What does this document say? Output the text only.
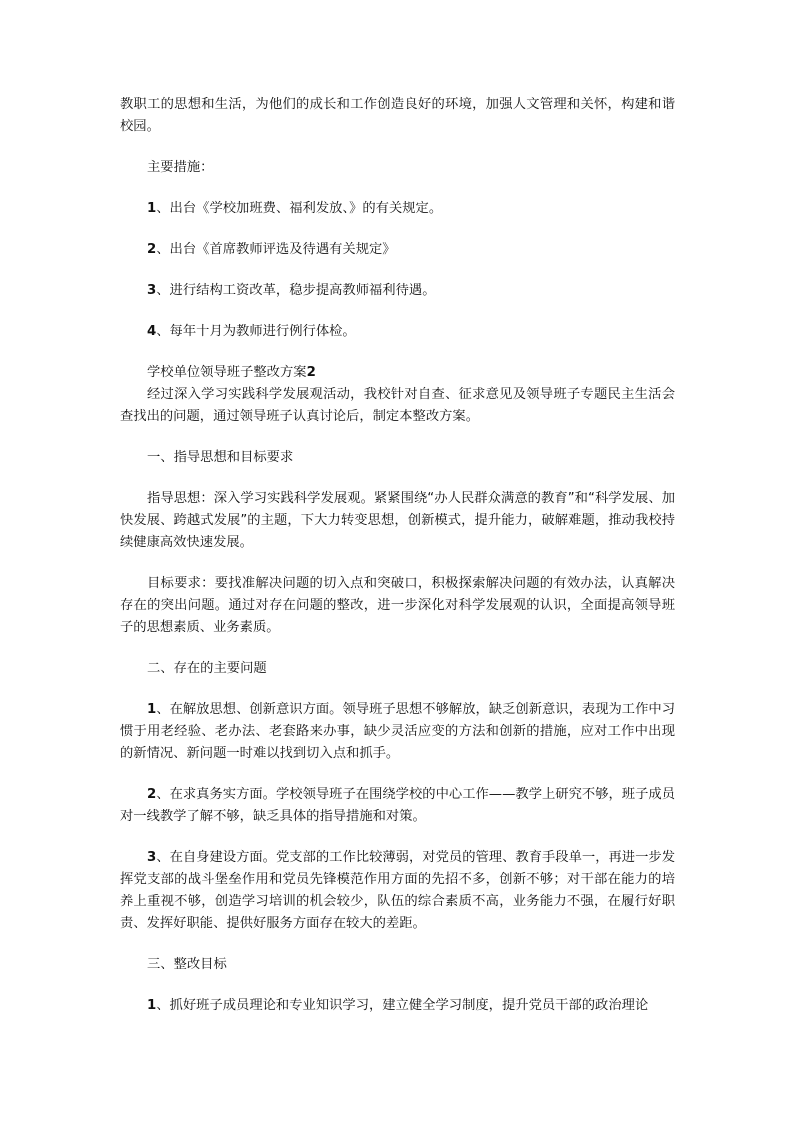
教职工的思想和生活，为他们的成长和工作创造良好的环境，加强人文管理和关怀，构建和谐校园。

主要措施：

1、出台《学校加班费、福利发放、》的有关规定。

2、出台《首席教师评选及待遇有关规定》

3、进行结构工资改革，稳步提高教师福利待遇。

4、每年十月为教师进行例行体检。

学校单位领导班子整改方案2

经过深入学习实践科学发展观活动，我校针对自查、征求意见及领导班子专题民主生活会查找出的问题，通过领导班子认真讨论后，制定本整改方案。

一、指导思想和目标要求

指导思想：深入学习实践科学发展观。紧紧围绕“办人民群众满意的教育”和“科学发展、加快发展、跨越式发展”的主题，下大力转变思想，创新模式，提升能力，破解难题，推动我校持续健康高效快速发展。

目标要求：要找准解决问题的切入点和突破口，积极探索解决问题的有效办法，认真解决存在的突出问题。通过对存在问题的整改，进一步深化对科学发展观的认识，全面提高领导班子的思想素质、业务素质。

二、存在的主要问题

1、在解放思想、创新意识方面。领导班子思想不够解放，缺乏创新意识，表现为工作中习惯于用老经验、老办法、老套路来办事，缺少灵活应变的方法和创新的措施，应对工作中出现的新情况、新问题一时难以找到切入点和抓手。

2、在求真务实方面。学校领导班子在围绕学校的中心工作——教学上研究不够，班子成员对一线教学了解不够，缺乏具体的指导措施和对策。

3、在自身建设方面。党支部的工作比较薄弱，对党员的管理、教育手段单一，再进一步发挥党支部的战斗堡垒作用和党员先锋模范作用方面的先招不多，创新不够；对干部在能力的培养上重视不够，创造学习培训的机会较少，队伍的综合素质不高，业务能力不强，在履行好职责、发挥好职能、提供好服务方面存在较大的差距。

三、整改目标

1、抓好班子成员理论和专业知识学习，建立健全学习制度，提升党员干部的政治理论
